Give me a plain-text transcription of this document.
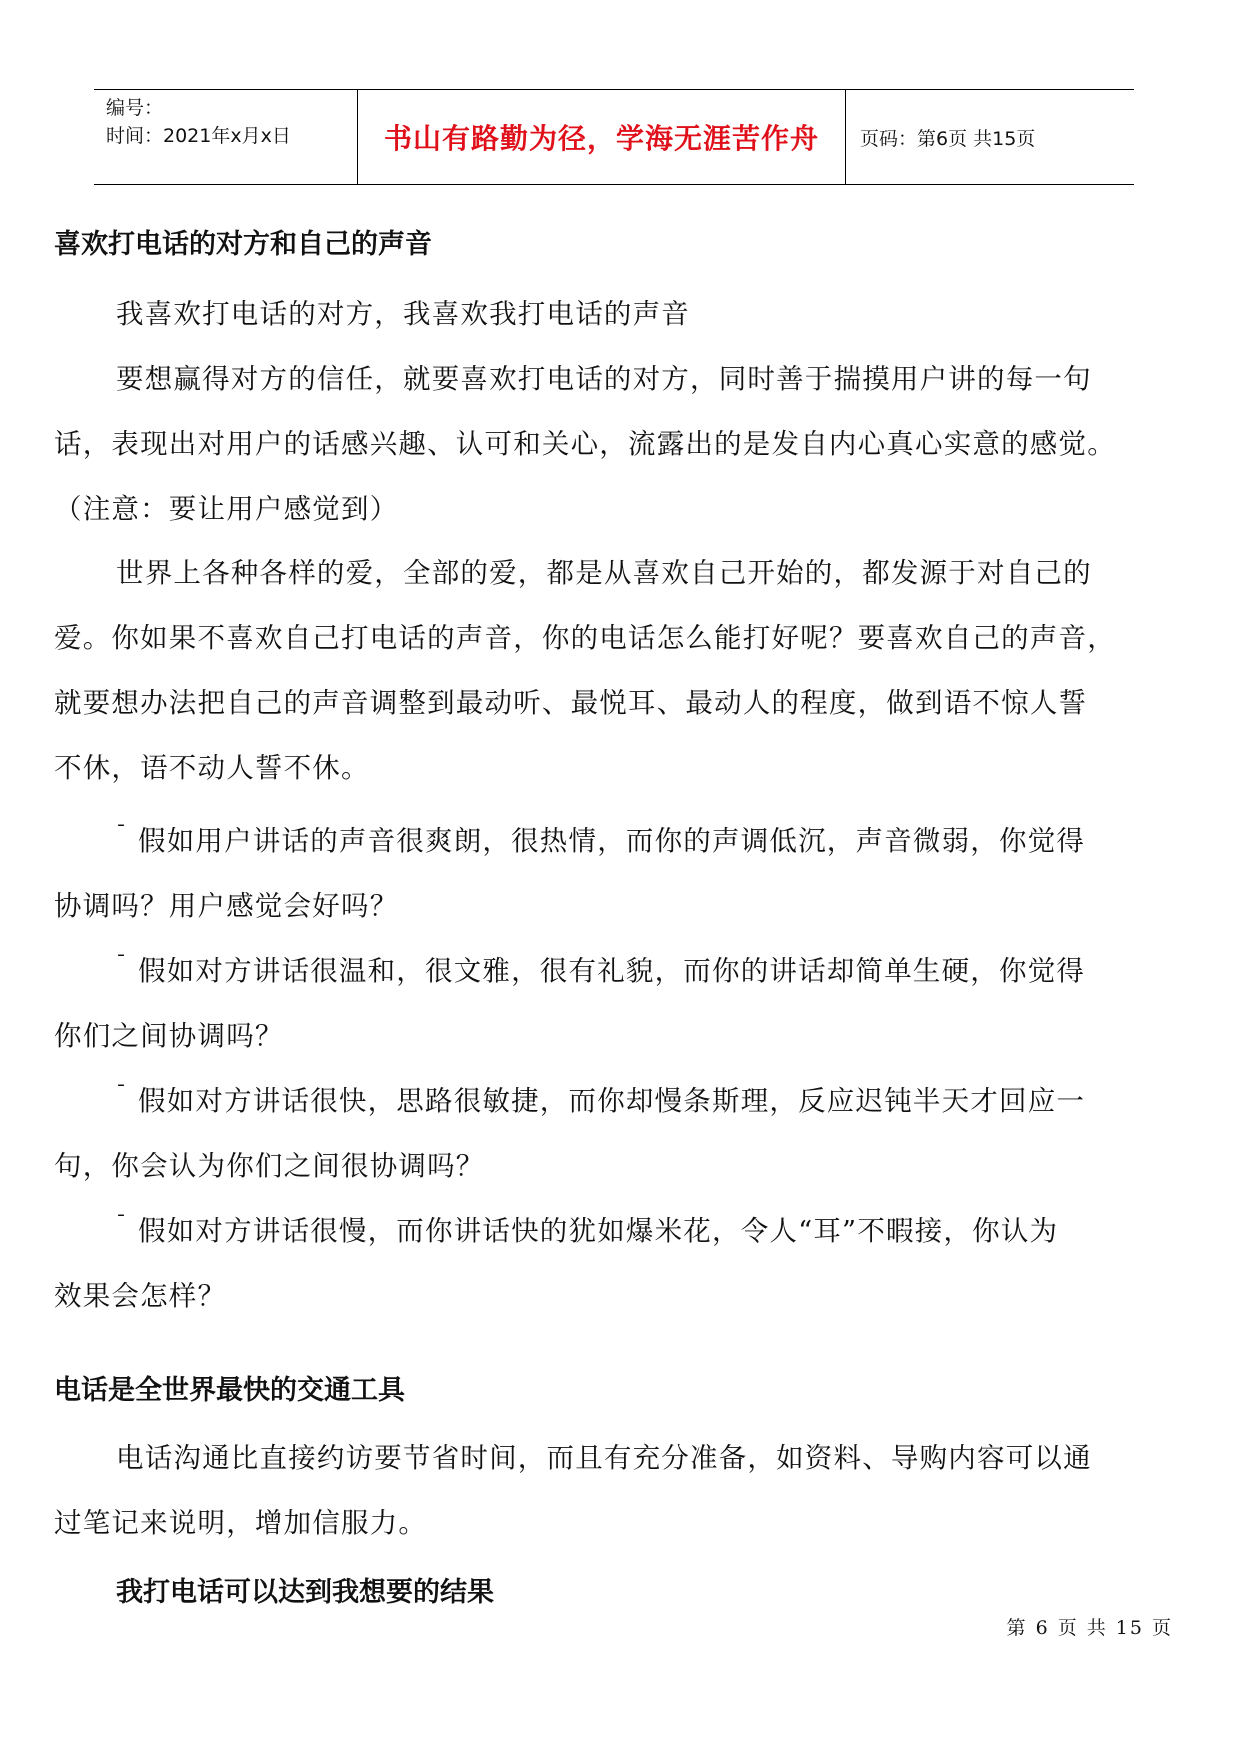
编号：
时间：2021年x月x日	书山有路勤为径，学海无涯苦作舟 页码：第6页 共15页
喜欢打电话的对方和自己的声音
我喜欢打电话的对方，我喜欢我打电话的声音
要想赢得对方的信任，就要喜欢打电话的对方，同时善于揣摸用户讲的每一句
话，表现出对用户的话感兴趣、认可和关心，流露出的是发自内心真心实意的感觉。
（注意：要让用户感觉到）
世界上各种各样的爱，全部的爱，都是从喜欢自己开始的，都发源于对自己的
爱。你如果不喜欢自己打电话的声音，你的电话怎么能打好呢？要喜欢自己的声音，
就要想办法把自己的声音调整到最动听、最悦耳、最动人的程度，做到语不惊人誓
不休，语不动人誓不休。
¯ 假如用户讲话的声音很爽朗，很热情，而你的声调低沉，声音微弱，你觉得
协调吗？用户感觉会好吗？
¯ 假如对方讲话很温和，很文雅，很有礼貌，而你的讲话却简单生硬，你觉得
你们之间协调吗？
¯ 假如对方讲话很快，思路很敏捷，而你却慢条斯理，反应迟钝半天才回应一
句，你会认为你们之间很协调吗？
¯ 假如对方讲话很慢，而你讲话快的犹如爆米花，令人“耳”不暇接，你认为
效果会怎样？
电话是全世界最快的交通工具
电话沟通比直接约访要节省时间，而且有充分准备，如资料、导购内容可以通
过笔记来说明，增加信服力。
我打电话可以达到我想要的结果
第 6 页 共 15 页
